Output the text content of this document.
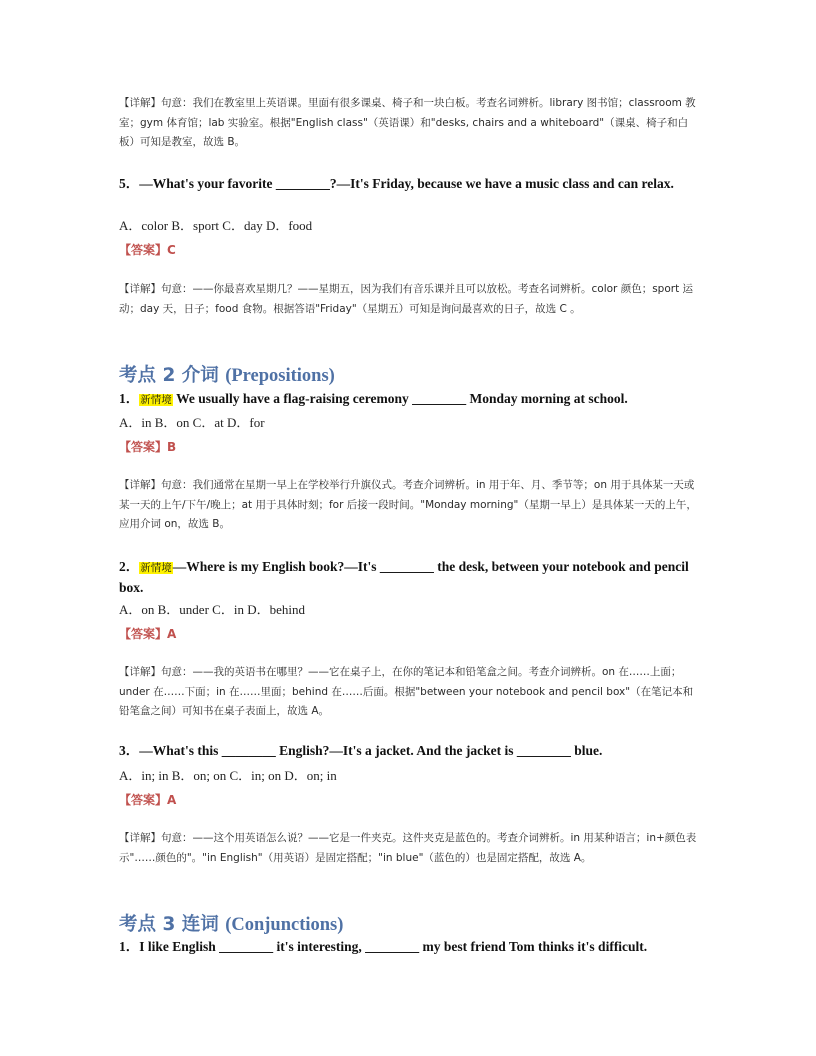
【详解】句意：我们在教室里上英语课。里面有很多课桌、椅子和一块白板。考查名词辨析。library 图书馆；classroom 教室；gym 体育馆；lab 实验室。根据"English class"（英语课）和"desks, chairs and a whiteboard"（课桌、椅子和白板）可知是教室，故选 B。
5．—What's your favorite ________?—It's Friday, because we have a music class and can relax.
A．color B．sport C．day D．food
【答案】C
【详解】句意：——你最喜欢星期几？——星期五，因为我们有音乐课并且可以放松。考查名词辨析。color 颜色；sport 运动；day 天，日子；food 食物。根据答语"Friday"（星期五）可知是询问最喜欢的日子，故选 C 。
考点 2 介词 (Prepositions)
1．新情境 We usually have a flag-raising ceremony ________ Monday morning at school.
A．in B．on C．at D．for
【答案】B
【详解】句意：我们通常在星期一早上在学校举行升旗仪式。考查介词辨析。in 用于年、月、季节等；on 用于具体某一天或某一天的上午/下午/晚上；at 用于具体时刻；for 后接一段时间。"Monday morning"（星期一早上）是具体某一天的上午，应用介词 on，故选 B。
2．新情境—Where is my English book?—It's ________ the desk, between your notebook and pencil box.
A．on B．under C．in D．behind
【答案】A
【详解】句意：——我的英语书在哪里？——它在桌子上，在你的笔记本和铅笔盒之间。考查介词辨析。on 在……上面；under 在……下面；in 在……里面；behind 在……后面。根据"between your notebook and pencil box"（在笔记本和铅笔盒之间）可知书在桌子表面上，故选 A。
3．—What's this ________ English?—It's a jacket. And the jacket is ________ blue.
A．in; in B．on; on C．in; on D．on; in
【答案】A
【详解】句意：——这个用英语怎么说？——它是一件夹克。这件夹克是蓝色的。考查介词辨析。in 用某种语言；in+颜色表示"……颜色的"。"in English"（用英语）是固定搭配；"in blue"（蓝色的）也是固定搭配，故选 A。
考点 3 连词 (Conjunctions)
1．I like English ________ it's interesting, ________ my best friend Tom thinks it's difficult.
